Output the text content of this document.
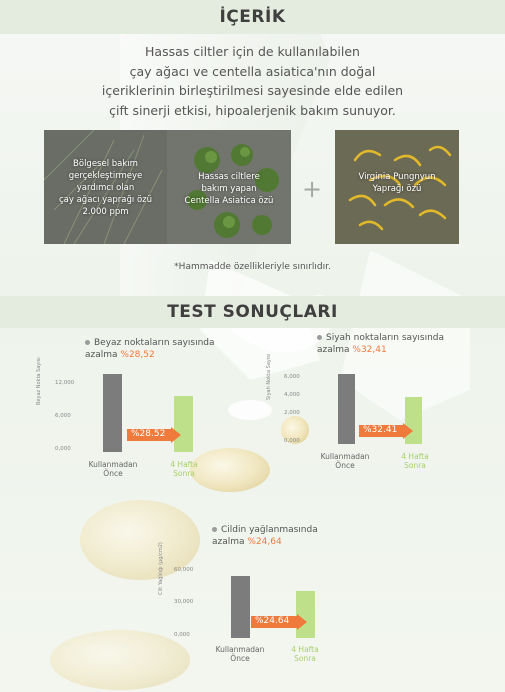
İÇERİK
Hassas ciltler için de kullanılabilen
çay ağacı ve centella asiatica'nın doğal
içeriklerinin birleştirilmesi sayesinde elde edilen
çift sinerji etkisi, hipoalerjenik bakım sunuyor.
Bölgesel bakım
gerçekleştirmeye
yardımcı olan
çay ağacı yaprağı özü
2.000 ppm
Hassas ciltlere
bakım yapan
Centella Asiatica özü	+	Virginia Pungnyun
Yaprağı özü
*Hammadde özellikleriyle sınırlıdır.
TEST SONUÇLARI
Beyaz noktaların sayısında
azalma %28,52
Beyaz Nokta Sayısı 12,000
6,000
0,000
%28.52
Kullanmadan
Önce
4 Hafta
Sonra
Siyah noktaların sayısında
azalma %32,41
Siyah Nokta Sayısı 6,000
4,000
2,000
0,000
%32.41
Kullanmadan
Önce
4 Hafta
Sonra
Cildin yağlanmasında
azalma %24,64
Cilt Yağlılığı (μg/cm2) 60,000
30,000
0,000
%24.64
Kullanmadan
Önce
4 Hafta
Sonra
